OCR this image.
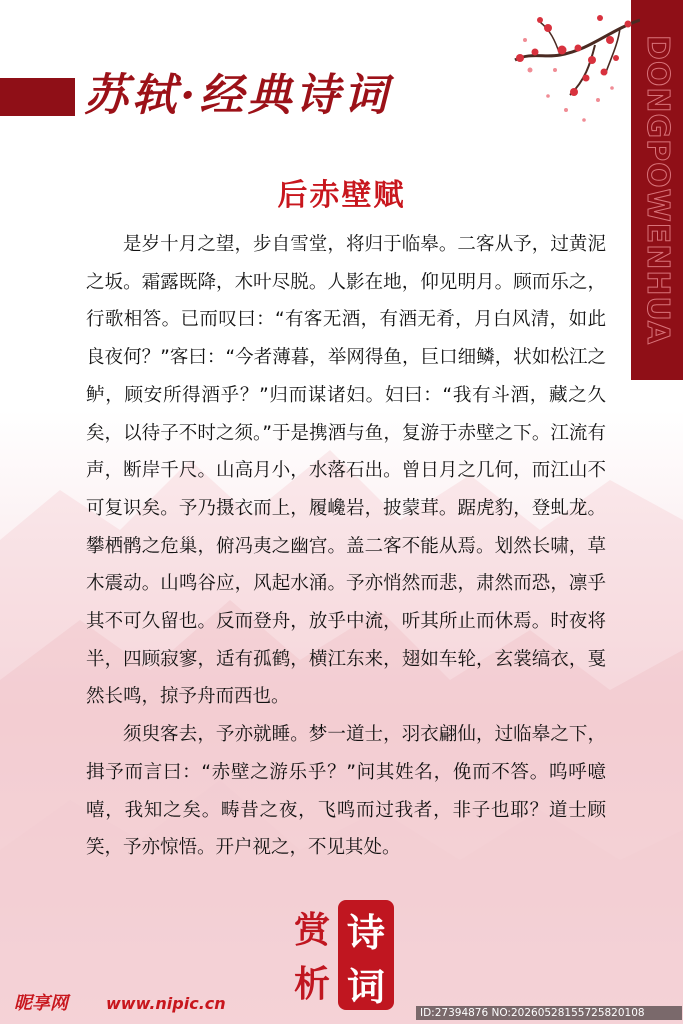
苏轼·经典诗词	DONGPOWENHUA
后赤壁赋

是岁十月之望，步自雪堂，将归于临皋。二客从予，过黄泥之坂。霜露既降，木叶尽脱。人影在地，仰见明月。顾而乐之，行歌相答。已而叹曰：“有客无酒，有酒无肴，月白风清，如此良夜何？”客曰：“今者薄暮，举网得鱼，巨口细鳞，状如松江之鲈，顾安所得酒乎？”归而谋诸妇。妇曰：“我有斗酒，藏之久矣，以待子不时之须。”于是携酒与鱼，复游于赤壁之下。江流有声，断岸千尺。山高月小，水落石出。曾日月之几何，而江山不可复识矣。予乃摄衣而上，履巉岩，披蒙茸。踞虎豹，登虬龙。攀栖鹘之危巢，俯冯夷之幽宫。盖二客不能从焉。划然长啸，草木震动。山鸣谷应，风起水涌。予亦悄然而悲，肃然而恐，凛乎其不可久留也。反而登舟，放乎中流，听其所止而休焉。时夜将半，四顾寂寥，适有孤鹤，横江东来，翅如车轮，玄裳缟衣，戛然长鸣，掠予舟而西也。

须臾客去，予亦就睡。梦一道士，羽衣翩仙，过临皋之下，揖予而言曰：“赤壁之游乐乎？”问其姓名，俛而不答。呜呼噫嘻，我知之矣。畴昔之夜，飞鸣而过我者，非子也耶？道士顾笑，予亦惊悟。开户视之，不见其处。

赏 诗
析 词
昵享网 www.nipic.cn	ID:27394876 NO:20260528155725820108
